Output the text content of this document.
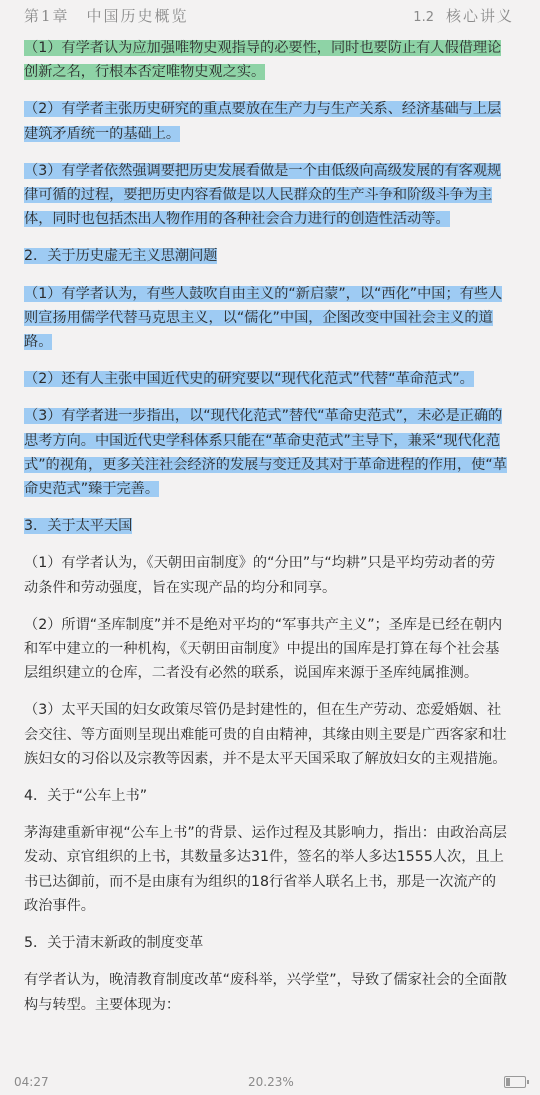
第1章　中国历史概览	1.2 核心讲义
（1）有学者认为应加强唯物史观指导的必要性，同时也要防止有人假借理论创新之名，行根本否定唯物史观之实。
（2）有学者主张历史研究的重点要放在生产力与生产关系、经济基础与上层建筑矛盾统一的基础上。
（3）有学者依然强调要把历史发展看做是一个由低级向高级发展的有客观规律可循的过程，要把历史内容看做是以人民群众的生产斗争和阶级斗争为主体，同时也包括杰出人物作用的各种社会合力进行的创造性活动等。
2．关于历史虚无主义思潮问题
（1）有学者认为，有些人鼓吹自由主义的“新启蒙”，以“西化”中国；有些人则宣扬用儒学代替马克思主义，以“儒化”中国，企图改变中国社会主义的道路。
（2）还有人主张中国近代史的研究要以“现代化范式”代替“革命范式”。
（3）有学者进一步指出，以“现代化范式”替代“革命史范式”，未必是正确的思考方向。中国近代史学科体系只能在“革命史范式”主导下，兼采“现代化范式”的视角，更多关注社会经济的发展与变迁及其对于革命进程的作用，使“革命史范式”臻于完善。
3．关于太平天国
（1）有学者认为，《天朝田亩制度》的“分田”与“均耕”只是平均劳动者的劳动条件和劳动强度，旨在实现产品的均分和同享。
（2）所谓“圣库制度”并不是绝对平均的“军事共产主义”；圣库是已经在朝内和军中建立的一种机构，《天朝田亩制度》中提出的国库是打算在每个社会基层组织建立的仓库，二者没有必然的联系，说国库来源于圣库纯属推测。
（3）太平天国的妇女政策尽管仍是封建性的，但在生产劳动、恋爱婚姻、社会交往、等方面则呈现出难能可贵的自由精神，其缘由则主要是广西客家和壮族妇女的习俗以及宗教等因素，并不是太平天国采取了解放妇女的主观措施。
4．关于“公车上书”
茅海建重新审视“公车上书”的背景、运作过程及其影响力，指出：由政治高层发动、京官组织的上书，其数量多达31件，签名的举人多达1555人次，且上书已达御前，而不是由康有为组织的18行省举人联名上书，那是一次流产的政治事件。
5．关于清末新政的制度变革
有学者认为，晚清教育制度改革“废科举，兴学堂”，导致了儒家社会的全面散构与转型。主要体现为：
04:27	20.23%
